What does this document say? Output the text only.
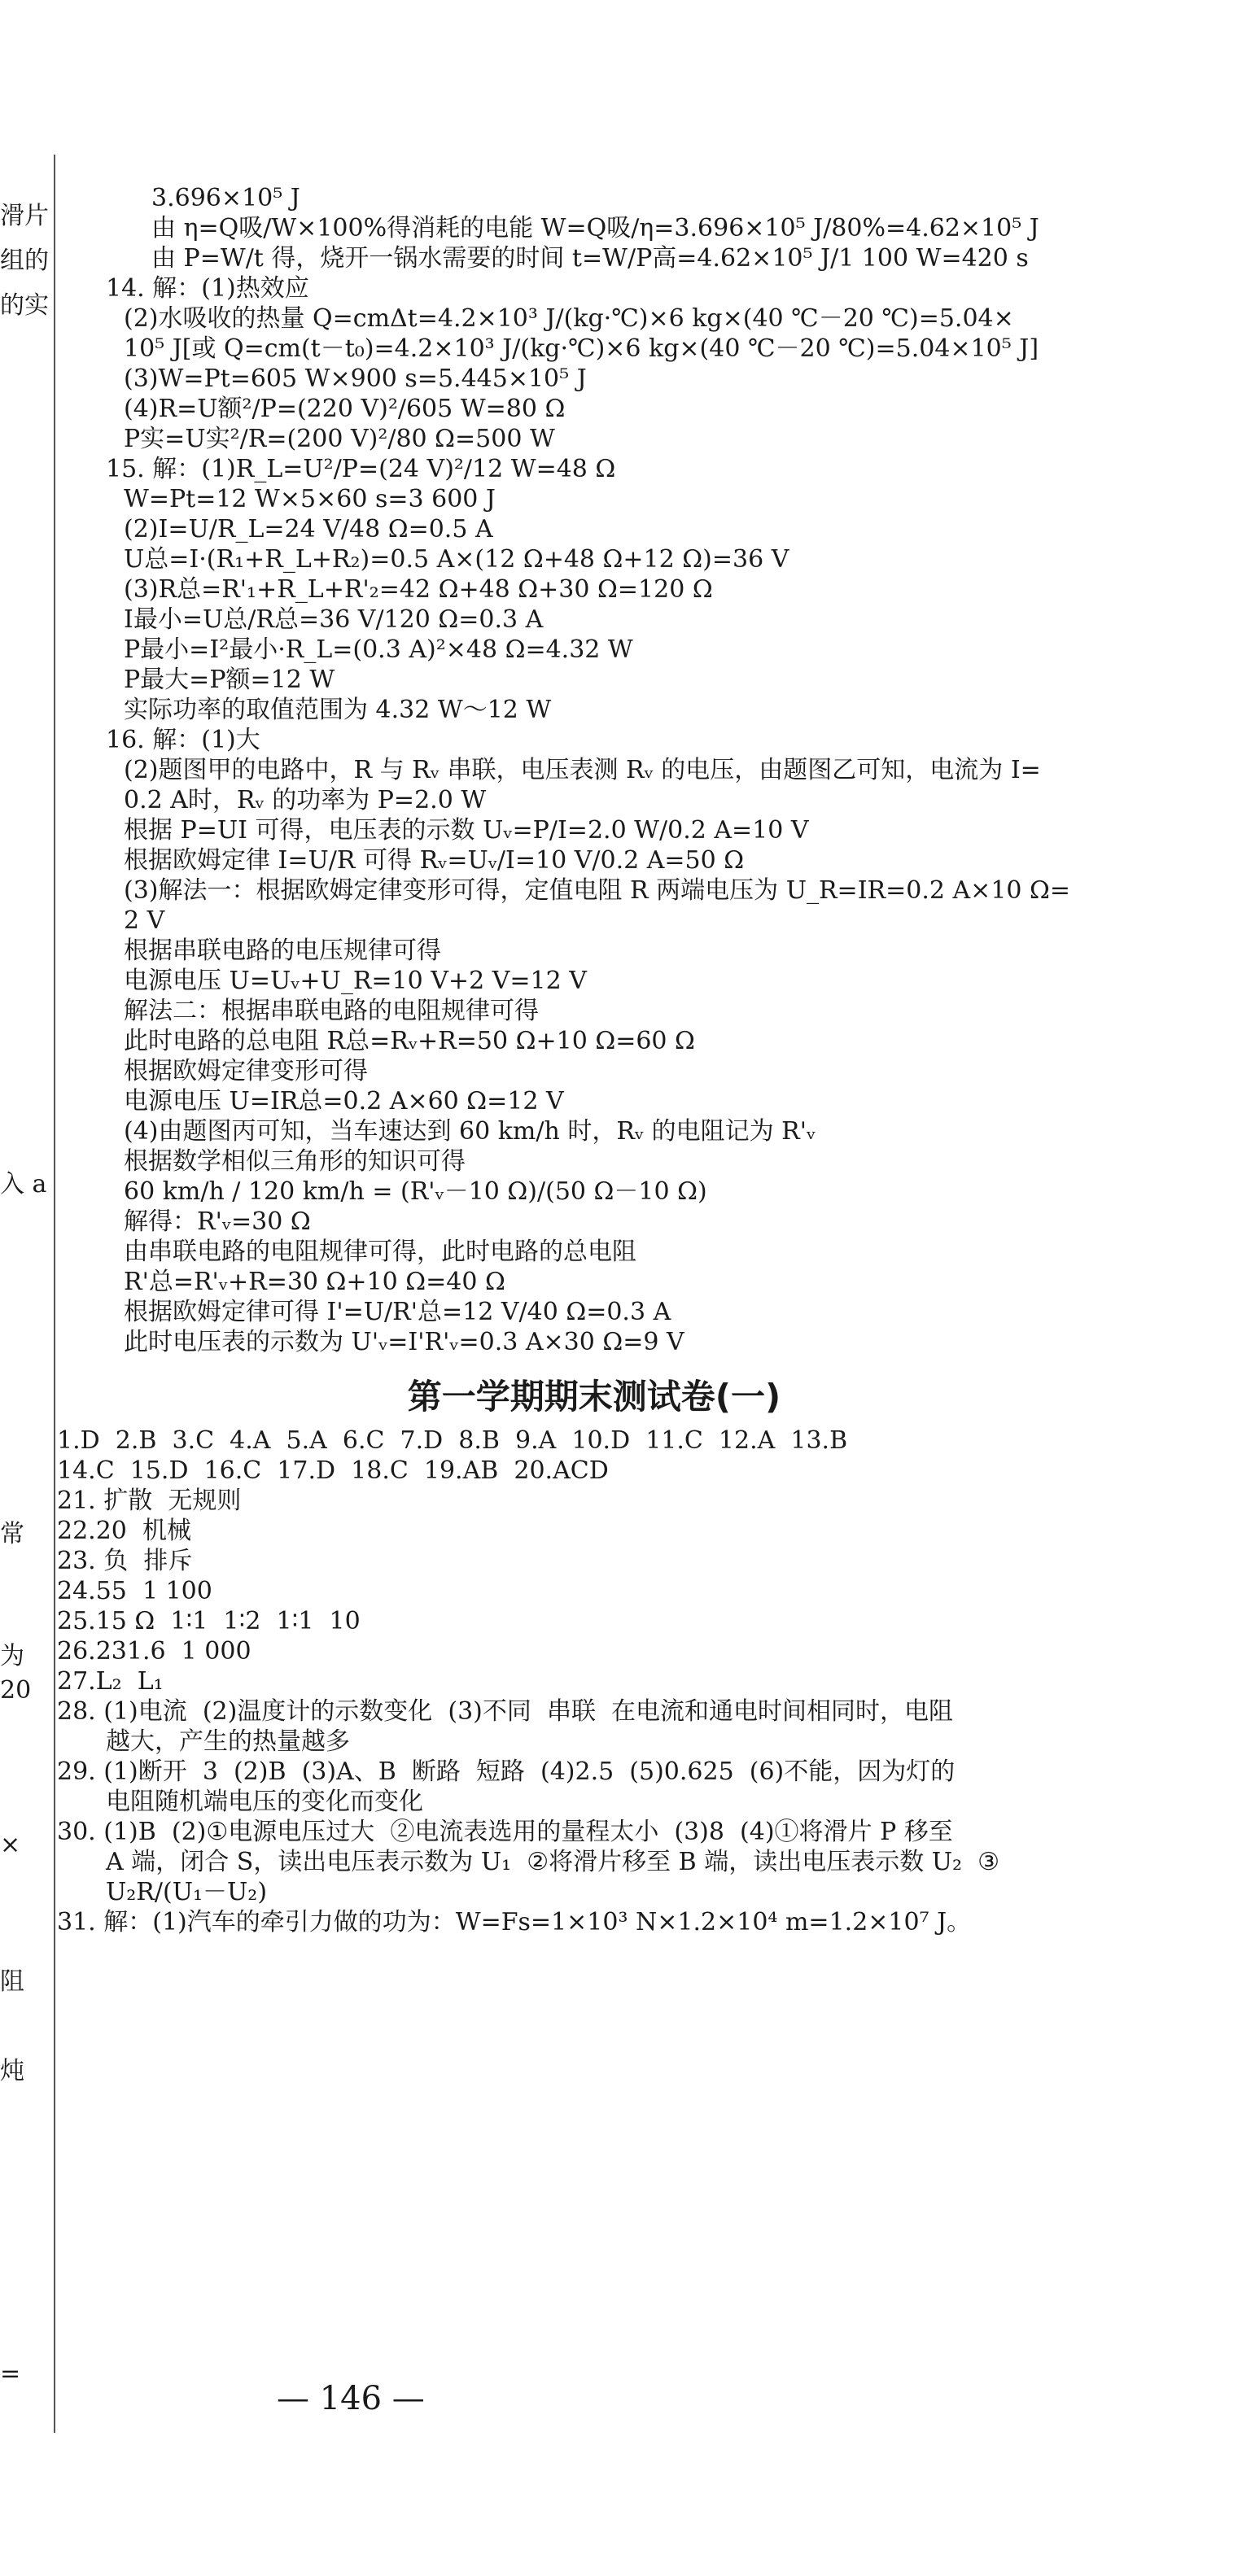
滑片
组的
的实
入 a
常
为
20
×
阻
炖
=
3.696×10⁵ J
由 η=Q吸/W×100%得消耗的电能 W=Q吸/η=3.696×10⁵ J/80%=4.62×10⁵ J
由 P=W/t 得，烧开一锅水需要的时间 t=W/P高=4.62×10⁵ J/1 100 W=420 s
14. 解：(1)热效应
(2)水吸收的热量 Q=cmΔt=4.2×10³ J/(kg·℃)×6 kg×(40 ℃－20 ℃)=5.04×
10⁵ J[或 Q=cm(t－t₀)=4.2×10³ J/(kg·℃)×6 kg×(40 ℃－20 ℃)=5.04×10⁵ J]
(3)W=Pt=605 W×900 s=5.445×10⁵ J
(4)R=U额²/P=(220 V)²/605 W=80 Ω
P实=U实²/R=(200 V)²/80 Ω=500 W
15. 解：(1)R_L=U²/P=(24 V)²/12 W=48 Ω
W=Pt=12 W×5×60 s=3 600 J
(2)I=U/R_L=24 V/48 Ω=0.5 A
U总=I·(R₁+R_L+R₂)=0.5 A×(12 Ω+48 Ω+12 Ω)=36 V
(3)R总=R'₁+R_L+R'₂=42 Ω+48 Ω+30 Ω=120 Ω
I最小=U总/R总=36 V/120 Ω=0.3 A
P最小=I²最小·R_L=(0.3 A)²×48 Ω=4.32 W
P最大=P额=12 W
实际功率的取值范围为 4.32 W～12 W
16. 解：(1)大
(2)题图甲的电路中，R 与 Rᵥ 串联，电压表测 Rᵥ 的电压，由题图乙可知，电流为 I=
0.2 A时，Rᵥ 的功率为 P=2.0 W
根据 P=UI 可得，电压表的示数 Uᵥ=P/I=2.0 W/0.2 A=10 V
根据欧姆定律 I=U/R 可得 Rᵥ=Uᵥ/I=10 V/0.2 A=50 Ω
(3)解法一：根据欧姆定律变形可得，定值电阻 R 两端电压为 U_R=IR=0.2 A×10 Ω=
2 V
根据串联电路的电压规律可得
电源电压 U=Uᵥ+U_R=10 V+2 V=12 V
解法二：根据串联电路的电阻规律可得
此时电路的总电阻 R总=Rᵥ+R=50 Ω+10 Ω=60 Ω
根据欧姆定律变形可得
电源电压 U=IR总=0.2 A×60 Ω=12 V
(4)由题图丙可知，当车速达到 60 km/h 时，Rᵥ 的电阻记为 R'ᵥ
根据数学相似三角形的知识可得
60 km/h / 120 km/h = (R'ᵥ－10 Ω)/(50 Ω－10 Ω)
解得：R'ᵥ=30 Ω
由串联电路的电阻规律可得，此时电路的总电阻
R'总=R'ᵥ+R=30 Ω+10 Ω=40 Ω
根据欧姆定律可得 I'=U/R'总=12 V/40 Ω=0.3 A
此时电压表的示数为 U'ᵥ=I'R'ᵥ=0.3 A×30 Ω=9 V
第一学期期末测试卷(一)
1.D  2.B  3.C  4.A  5.A  6.C  7.D  8.B  9.A  10.D  11.C  12.A  13.B
14.C  15.D  16.C  17.D  18.C  19.AB  20.ACD
21. 扩散  无规则
22.20  机械
23. 负  排斥
24.55  1 100
25.15 Ω  1∶1  1∶2  1∶1  10
26.231.6  1 000
27.L₂  L₁
28. (1)电流  (2)温度计的示数变化  (3)不同  串联  在电流和通电时间相同时，电阻
越大，产生的热量越多
29. (1)断开  3  (2)B  (3)A、B  断路  短路  (4)2.5  (5)0.625  (6)不能，因为灯的
电阻随机端电压的变化而变化
30. (1)B  (2)①电源电压过大  ②电流表选用的量程太小  (3)8  (4)①将滑片 P 移至
A 端，闭合 S，读出电压表示数为 U₁  ②将滑片移至 B 端，读出电压表示数 U₂  ③
U₂R/(U₁－U₂)
31. 解：(1)汽车的牵引力做的功为：W=Fs=1×10³ N×1.2×10⁴ m=1.2×10⁷ J。
— 146 —
